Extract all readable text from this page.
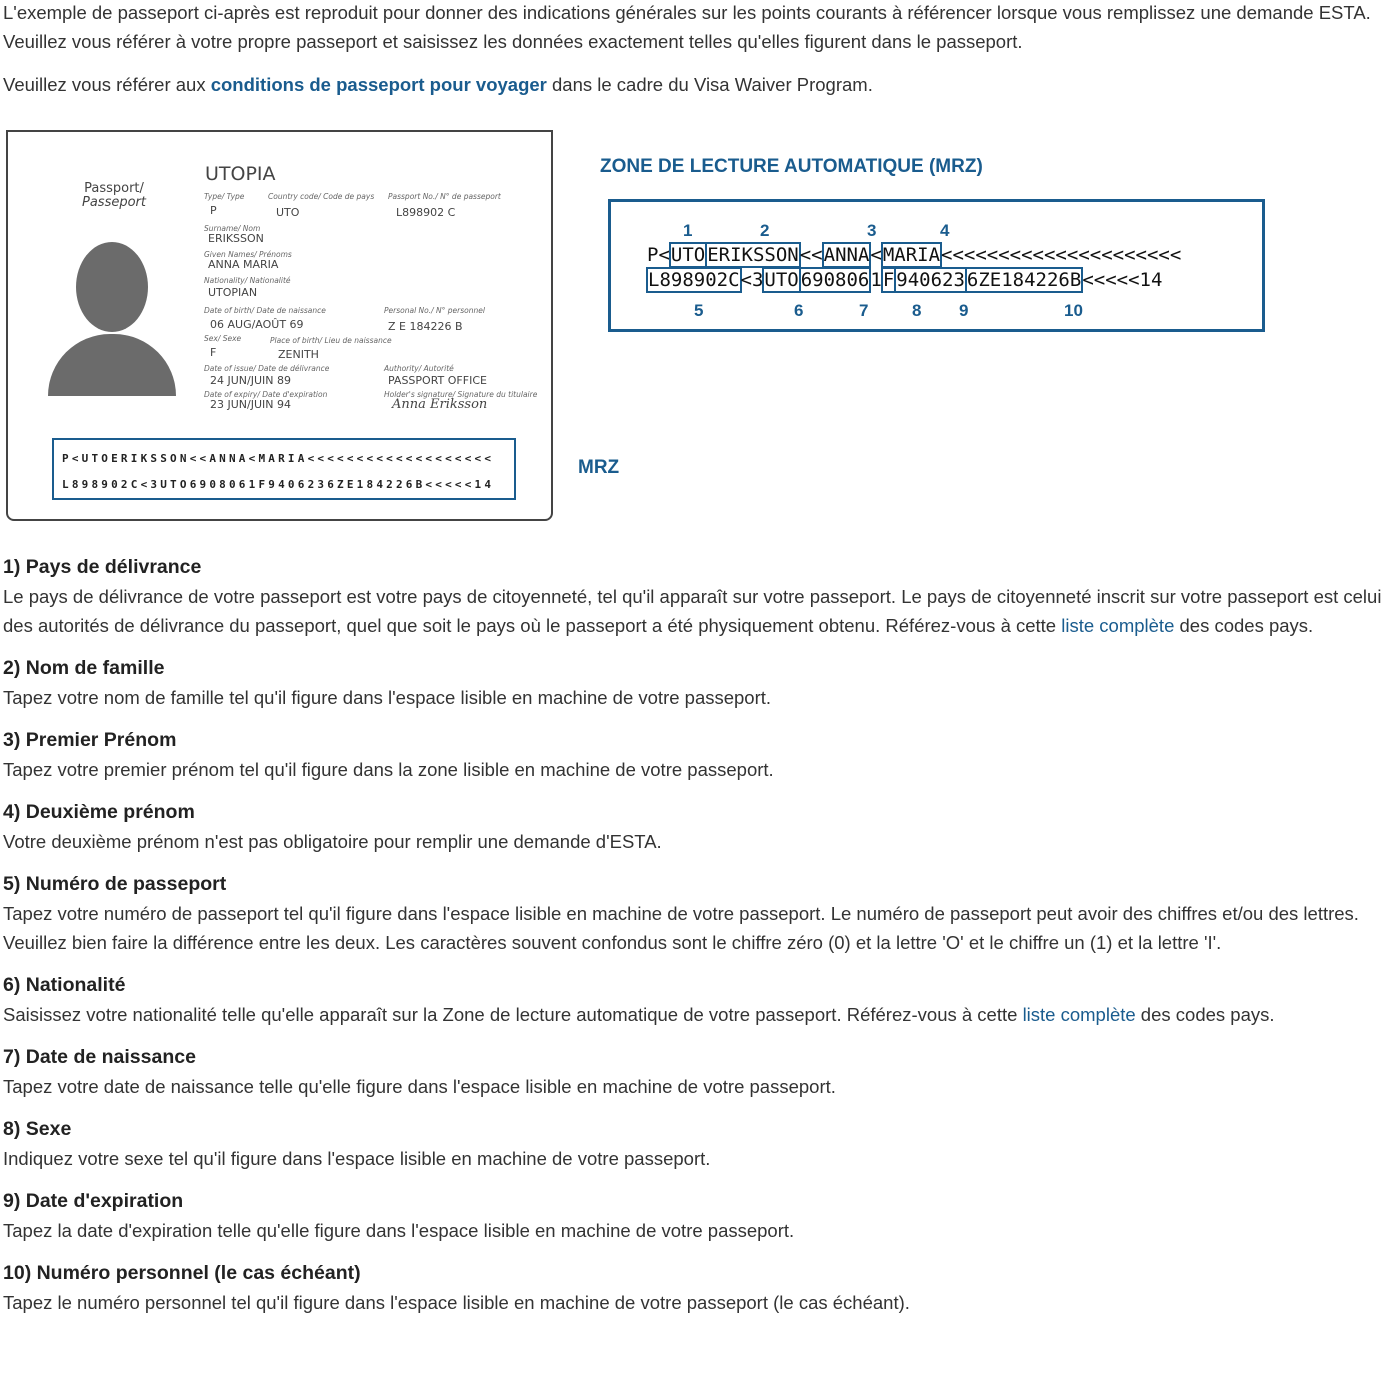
L'exemple de passeport ci-après est reproduit pour donner des indications générales sur les points courants à référencer lorsque vous remplissez une demande ESTA. Veuillez vous référer à votre propre passeport et saisissez les données exactement telles qu'elles figurent dans le passeport.

Veuillez vous référer aux conditions de passeport pour voyager dans le cadre du Visa Waiver Program.

Passport/
Passeport
UTOPIA
Type/ Type	Country code/ Code de pays Passport No./ N° de passeport
P	UTO	L898902 C
Surname/ Nom
ERIKSSON
Given Names/ Prénoms
ANNA MARIA
Nationality/ Nationalité
UTOPIAN
Date of birth/ Date de naissance
06 AUG/AOÛT 69
Personal No./ N° personnel
Z E 184226 B
Sex/ Sexe	Place of birth/ Lieu de naissance
F	ZENITH
Date of issue/ Date de délivrance
24 JUN/JUIN 89
Authority/ Autorité
PASSPORT OFFICE
Date of expiry/ Date d'expiration
23 JUN/JUIN 94
Holder's signature/ Signature du titulaire
Anna Eriksson
P<UTOERIKSSON<<ANNA<MARIA<<<<<<<<<<<<<<<<<<<
L898902C<3UTO6908061F9406236ZE184226B<<<<<14
ZONE DE LECTURE AUTOMATIQUE (MRZ)
P<UTO ERIKSSON<<ANNA<MARIA<<<<<<<<<<<<<<<<<<<<<
L898902C<3UTO 6908061F 940623 6ZE184226B<<<<<14
1	2	3	4
5	6	7	8 9	10
MRZ
1) Pays de délivrance

Le pays de délivrance de votre passeport est votre pays de citoyenneté, tel qu'il apparaît sur votre passeport. Le pays de citoyenneté inscrit sur votre passeport est celui des autorités de délivrance du passeport, quel que soit le pays où le passeport a été physiquement obtenu. Référez-vous à cette liste complète des codes pays.

2) Nom de famille

Tapez votre nom de famille tel qu'il figure dans l'espace lisible en machine de votre passeport.

3) Premier Prénom

Tapez votre premier prénom tel qu'il figure dans la zone lisible en machine de votre passeport.

4) Deuxième prénom

Votre deuxième prénom n'est pas obligatoire pour remplir une demande d'ESTA.

5) Numéro de passeport

Tapez votre numéro de passeport tel qu'il figure dans l'espace lisible en machine de votre passeport. Le numéro de passeport peut avoir des chiffres et/ou des lettres. Veuillez bien faire la différence entre les deux. Les caractères souvent confondus sont le chiffre zéro (0) et la lettre 'O' et le chiffre un (1) et la lettre 'I'.

6) Nationalité

Saisissez votre nationalité telle qu'elle apparaît sur la Zone de lecture automatique de votre passeport. Référez-vous à cette liste complète des codes pays.

7) Date de naissance

Tapez votre date de naissance telle qu'elle figure dans l'espace lisible en machine de votre passeport.

8) Sexe

Indiquez votre sexe tel qu'il figure dans l'espace lisible en machine de votre passeport.

9) Date d'expiration

Tapez la date d'expiration telle qu'elle figure dans l'espace lisible en machine de votre passeport.

10) Numéro personnel (le cas échéant)

Tapez le numéro personnel tel qu'il figure dans l'espace lisible en machine de votre passeport (le cas échéant).
